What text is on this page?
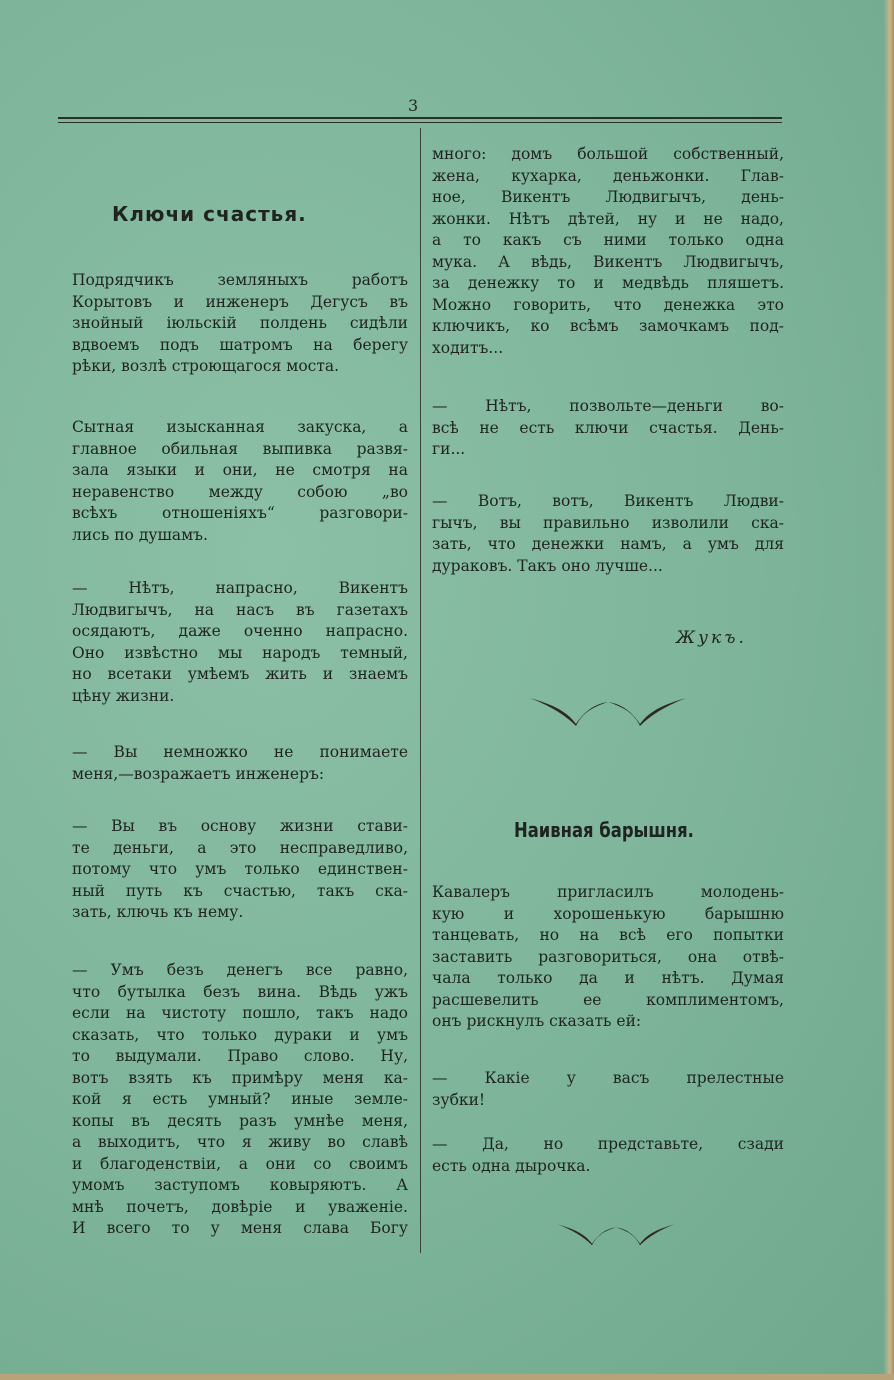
3
Ключи счастья.

Подрядчикъ земляныхъ работъ

Корытовъ и инженеръ Дегусъ въ

знойный іюльскій полдень сидѣли

вдвоемъ подъ шатромъ на берегу

рѣки, возлѣ строющагося моста.

Сытная изысканная закуска, а

главное обильная выпивка развя-

зала языки и они, не смотря на

неравенство между собою „во

всѣхъ отношеніяхъ“ разговори-

лись по душамъ.

— Нѣтъ, напрасно, Викентъ

Людвигычъ, на насъ въ газетахъ

осядаютъ, даже оченно напрасно.

Оно извѣстно мы народъ темный,

но всетаки умѣемъ жить и знаемъ

цѣну жизни.

— Вы немножко не понимаете

меня,—возражаетъ инженеръ:

— Вы въ основу жизни стави-

те деньги, а это несправедливо,

потому что умъ только единствен-

ный путь къ счастью, такъ ска-

зать, ключь къ нему.

— Умъ безъ денегъ все равно,

что бутылка безъ вина. Вѣдь ужъ

если на чистоту пошло, такъ надо

сказать, что только дураки и умъ

то выдумали. Право слово. Ну,

вотъ взять къ примѣру меня ка-

кой я есть умный? иные земле-

копы въ десять разъ умнѣе меня,

а выходитъ, что я живу во славѣ

и благоденствіи, а они со своимъ

умомъ заступомъ ковыряютъ. А

мнѣ почетъ, довѣріе и уваженіе.

И всего то у меня слава Богу

много: домъ большой собственный,

жена, кухарка, деньжонки. Глав-

ное, Викентъ Людвигычъ, день-

жонки. Нѣтъ дѣтей, ну и не надо,

а то какъ съ ними только одна

мука. А вѣдь, Викентъ Людвигычъ,

за денежку то и медвѣдь пляшетъ.

Можно говорить, что денежка это

ключикъ, ко всѣмъ замочкамъ под-

ходитъ...

— Нѣтъ, позвольте—деньги во-

всѣ не есть ключи счастья. День-

ги...

— Вотъ, вотъ, Викентъ Людви-

гычъ, вы правильно изволили ска-

зать, что денежки намъ, а умъ для

дураковъ. Такъ оно лучше...

Кавалеръ пригласилъ молодень-

кую и хорошенькую барышню

танцевать, но на всѣ его попытки

заставить разговориться, она отвѣ-

чала только да и нѣтъ. Думая

расшевелить ее комплиментомъ,

онъ рискнулъ сказать ей:

— Какіе у васъ прелестные

зубки!

— Да, но представьте, сзади

есть одна дырочка.

Жукъ.
Наивная барышня.
